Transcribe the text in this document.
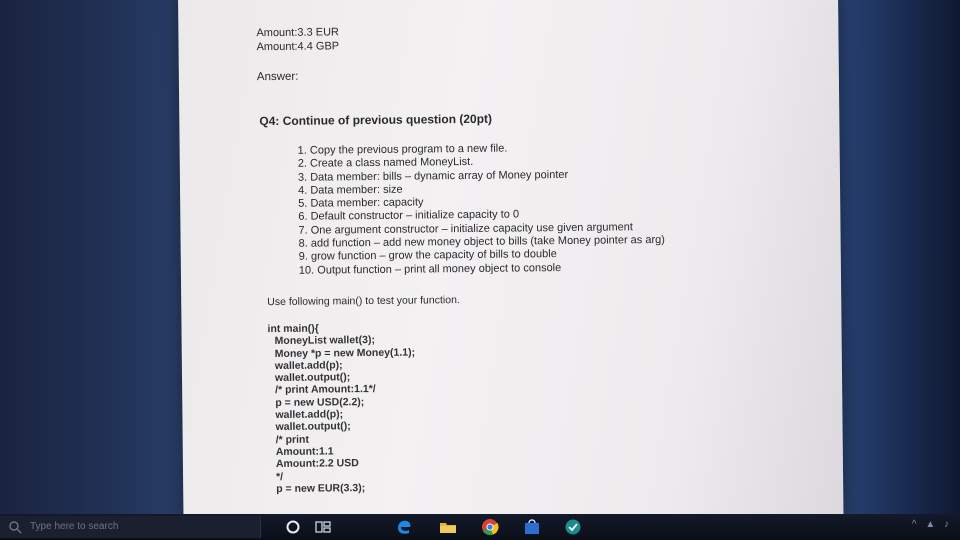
Amount:3.3 EUR
Amount:4.4 GBP
Answer:
Q4: Continue of previous question (20pt)
1. Copy the previous program to a new file.
2. Create a class named MoneyList.
3. Data member: bills – dynamic array of Money pointer
4. Data member: size
5. Data member: capacity
6. Default constructor – initialize capacity to 0
7. One argument constructor – initialize capacity use given argument
8. add function – add new money object to bills (take Money pointer as arg)
9. grow function – grow the capacity of bills to double
10. Output function – print all money object to console
Use following main() to test your function.
int main(){
MoneyList wallet(3);
Money *p = new Money(1.1);
wallet.add(p);
wallet.output();
/* print Amount:1.1*/
p = new USD(2.2);
wallet.add(p);
wallet.output();
/* print
Amount:1.1
Amount:2.2 USD
*/
p = new EUR(3.3);
Type here to search	^ ▲ ♪
